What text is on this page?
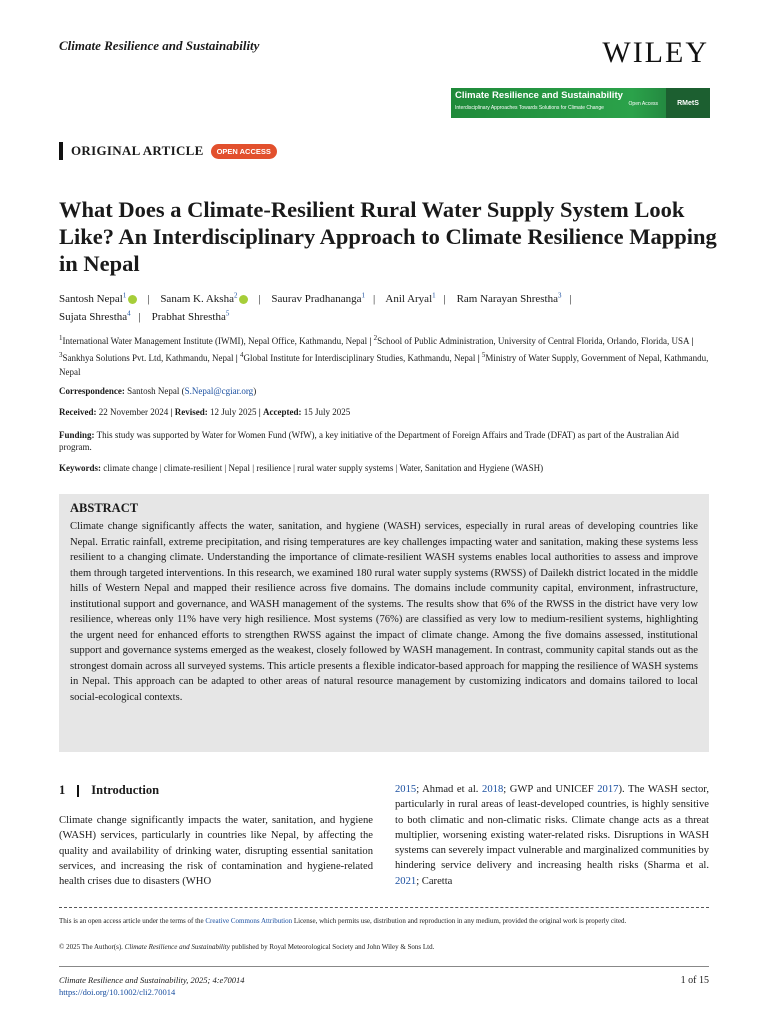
Climate Resilience and Sustainability	WILEY
Climate Resilience and Sustainability
Interdisciplinary Approaches Towards Solutions for Climate Change
Open Access	RMetS
ORIGINAL ARTICLE	OPEN ACCESS
What Does a Climate-Resilient Rural Water Supply System Look Like? An Interdisciplinary Approach to Climate Resilience Mapping in Nepal
Santosh Nepal$^1$ | Sanam K. Aksha$^2$ | Saurav Pradhananga$^1$ | Anil Aryal$^1$ | Ram Narayan Shrestha$^3$ |
Sujata Shrestha$^4$ | Prabhat Shrestha$^5$
$^1$International Water Management Institute (IWMI), Nepal Office, Kathmandu, Nepal | $^2$School of Public Administration, University of Central Florida, Orlando, Florida, USA | $^3$Sankhya Solutions Pvt. Ltd, Kathmandu, Nepal | $^4$Global Institute for Interdisciplinary Studies, Kathmandu, Nepal | $^5$Ministry of Water Supply, Government of Nepal, Kathmandu, Nepal
Correspondence: Santosh Nepal (S.Nepal@cgiar.org)
Received: 22 November 2024 | Revised: 12 July 2025 | Accepted: 15 July 2025
Funding: This study was supported by Water for Women Fund (WfW), a key initiative of the Department of Foreign Affairs and Trade (DFAT) as part of the Australian Aid program.
Keywords: climate change | climate-resilient | Nepal | resilience | rural water supply systems | Water, Sanitation and Hygiene (WASH)
ABSTRACT

Climate change significantly affects the water, sanitation, and hygiene (WASH) services, especially in rural areas of developing countries like Nepal. Erratic rainfall, extreme precipitation, and rising temperatures are key challenges impacting water and sanitation, making these systems less resilient to a changing climate. Understanding the importance of climate-resilient WASH systems enables local authorities to assess and improve them through targeted interventions. In this research, we examined 180 rural water supply systems (RWSS) of Dailekh district located in the middle hills of Western Nepal and mapped their resilience across five domains. The domains include community capital, environment, infrastructure, institutional support and governance, and WASH management of the systems. The results show that 6% of the RWSS in the district have very low resilience, whereas only 11% have very high resilience. Most systems (76%) are classified as very low to medium-resilient systems, highlighting the urgent need for enhanced efforts to strengthen RWSS against the impact of climate change. Among the five domains assessed, institutional support and governance systems emerged as the weakest, closely followed by WASH management. In contrast, community capital stands out as the strongest domain across all surveyed systems. This article presents a flexible indicator-based approach for mapping the resilience of WASH systems in Nepal. This approach can be adapted to other areas of natural resource management by customizing indicators and domains tailored to local social-ecological contexts.

1 Introduction

Climate change significantly impacts the water, sanitation, and hygiene (WASH) services, particularly in countries like Nepal, by affecting the quality and availability of drinking water, disrupting essential sanitation services, and increasing the risk of contamination and hygiene-related health crises due to disasters (WHO

2015; Ahmad et al. 2018; GWP and UNICEF 2017). The WASH sector, particularly in rural areas of least-developed countries, is highly sensitive to both climatic and non-climatic risks. Climate change acts as a threat multiplier, worsening existing water-related risks. Disruptions in WASH systems can severely impact vulnerable and marginalized communities by hindering service delivery and increasing health risks (Sharma et al. 2021; Caretta

This is an open access article under the terms of the Creative Commons Attribution License, which permits use, distribution and reproduction in any medium, provided the original work is properly cited.
© 2025 The Author(s). Climate Resilience and Sustainability published by Royal Meteorological Society and John Wiley & Sons Ltd.
Climate Resilience and Sustainability, 2025; 4:e70014
https://doi.org/10.1002/cli2.70014
1 of 15
